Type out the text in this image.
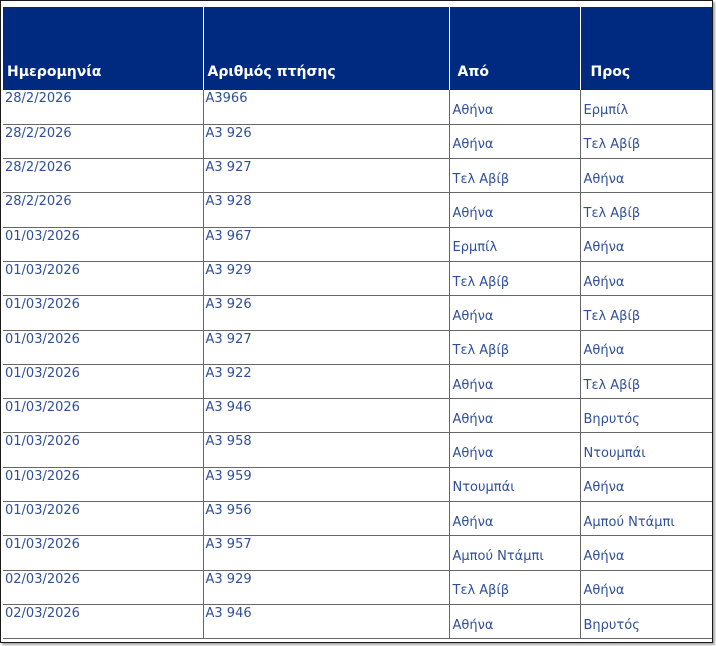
Ημερομηνία	Αριθμός πτήσης	Από	Προς
28/2/2026	A3966	Αθήνα	Ερμπίλ
28/2/2026	A3 926	Αθήνα	Τελ Αβίβ
28/2/2026	A3 927	Τελ Αβίβ	Αθήνα
28/2/2026	A3 928	Αθήνα	Τελ Αβίβ
01/03/2026	A3 967	Ερμπίλ	Αθήνα
01/03/2026	A3 929	Τελ Αβίβ	Αθήνα
01/03/2026	A3 926	Αθήνα	Τελ Αβίβ
01/03/2026	A3 927	Τελ Αβίβ	Αθήνα
01/03/2026	A3 922	Αθήνα	Τελ Αβίβ
01/03/2026	A3 946	Αθήνα	Βηρυτός
01/03/2026	A3 958	Αθήνα	Ντουμπάι
01/03/2026	A3 959	Ντουμπάι	Αθήνα
01/03/2026	A3 956	Αθήνα	Αμπού Ντάμπι
01/03/2026	A3 957	Αμπού Ντάμπι	Αθήνα
02/03/2026	A3 929	Τελ Αβίβ	Αθήνα
02/03/2026	A3 946	Αθήνα	Βηρυτός
